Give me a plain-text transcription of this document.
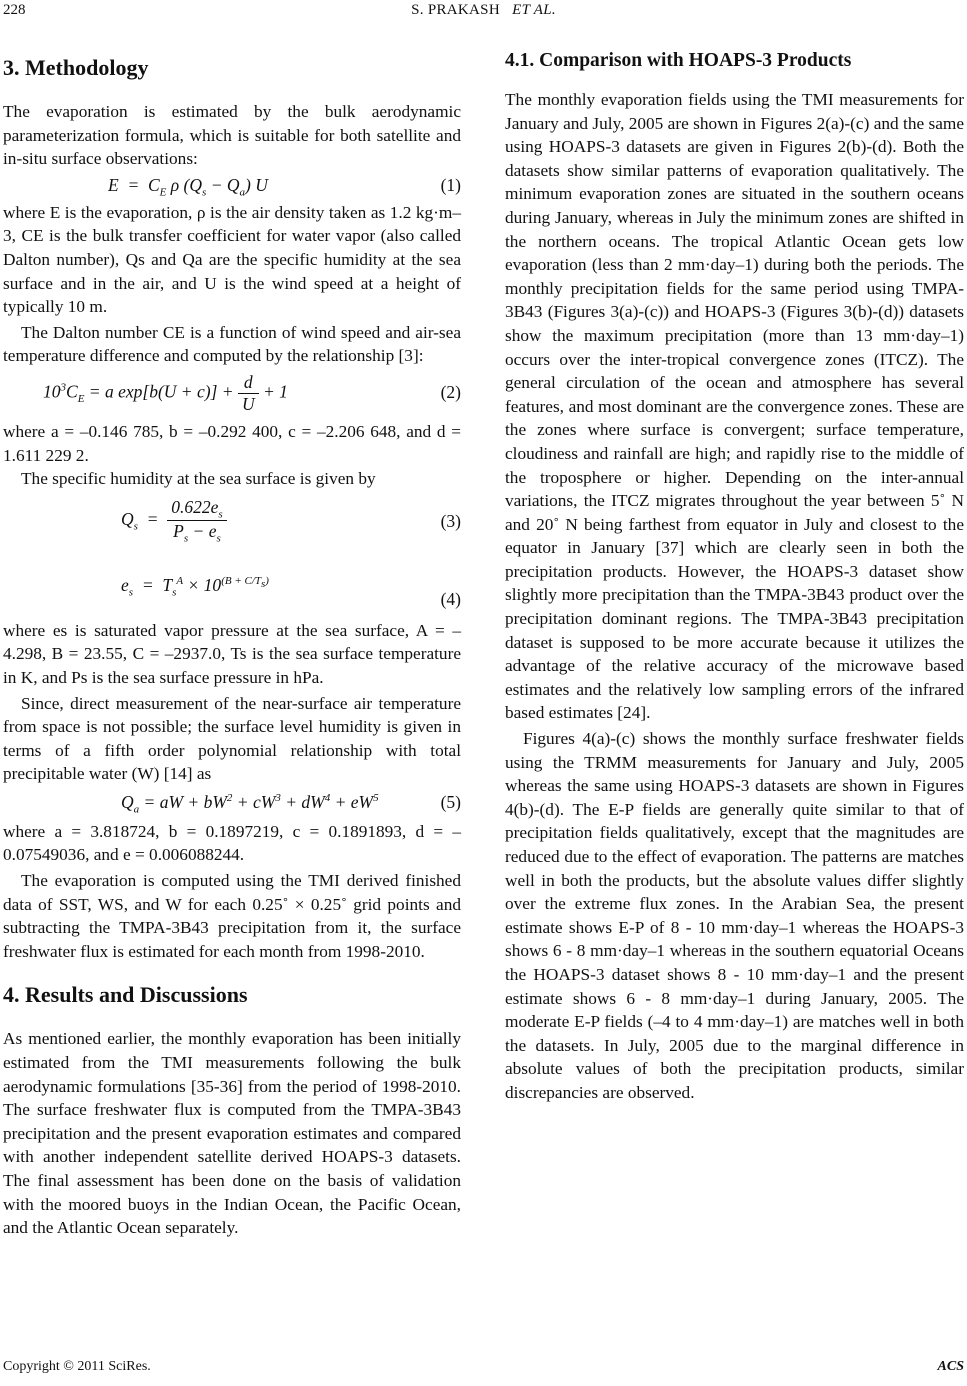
228	S. PRAKASH ET AL.
3. Methodology

The evaporation is estimated by the bulk aerodynamic parameterization formula, which is suitable for both satellite and in-situ surface observations:

$E = C_E$ ρ $(Q_s - Q_a)$ U	(1)

where E is the evaporation, ρ is the air density taken as 1.2 kg·m–3, CE is the bulk transfer coefficient for water vapor (also called Dalton number), Qs and Qa are the specific humidity at the sea surface and in the air, and U is the wind speed at a height of typically 10 m.

The Dalton number CE is a function of wind speed and air-sea temperature difference and computed by the relationship [3]:

$10^3C_E = a$ $\exp[b(U + c)] + \frac{d}{U} + 1$	(2)

where a = –0.146 785, b = –0.292 400, c = –2.206 648, and d = 1.611 229 2.

The specific humidity at the sea surface is given by

$Q_s = \frac{0.622e_s}{P_s - e_s}$	(3)
$e_s = T_s^A \times 10^{(B + C/T_s)}$
(4)

where es is saturated vapor pressure at the sea surface, A = –4.298, B = 23.55, C = –2937.0, Ts is the sea surface temperature in K, and Ps is the sea surface pressure in hPa.

Since, direct measurement of the near-surface air temperature from space is not possible; the surface level humidity is given in terms of a fifth order polynomial relationship with total precipitable water (W) [14] as

$Q_a$ = aW + $bW^2 + cW^3 + dW^4 + eW^5$	(5)

where a = 3.818724, b = 0.1897219, c = 0.1891893, d = –0.07549036, and e = 0.006088244.

The evaporation is computed using the TMI derived finished data of SST, WS, and W for each 0.25˚ × 0.25˚ grid points and subtracting the TMPA-3B43 precipitation from it, the surface freshwater flux is estimated for each month from 1998-2010.

4. Results and Discussions

As mentioned earlier, the monthly evaporation has been initially estimated from the TMI measurements following the bulk aerodynamic formulations [35-36] from the period of 1998-2010. The surface freshwater flux is computed from the TMPA-3B43 precipitation and the present evaporation estimates and compared with another independent satellite derived HOAPS-3 datasets. The final assessment has been done on the basis of validation with the moored buoys in the Indian Ocean, the Pacific Ocean, and the Atlantic Ocean separately.

4.1. Comparison with HOAPS-3 Products

The monthly evaporation fields using the TMI measurements for January and July, 2005 are shown in Figures 2(a)-(c) and the same using HOAPS-3 datasets are given in Figures 2(b)-(d). Both the datasets show similar patterns of evaporation qualitatively. The minimum evaporation zones are situated in the southern oceans during January, whereas in July the minimum zones are shifted in the northern oceans. The tropical Atlantic Ocean gets low evaporation (less than 2 mm·day–1) during both the periods. The monthly precipitation fields for the same period using TMPA-3B43 (Figures 3(a)-(c)) and HOAPS-3 (Figures 3(b)-(d)) datasets show the maximum precipitation (more than 13 mm·day–1) occurs over the inter-tropical convergence zones (ITCZ). The general circulation of the ocean and atmosphere has several features, and most dominant are the convergence zones. These are the zones where surface is convergent; surface temperature, cloudiness and rainfall are high; and rapidly rise to the middle of the troposphere or higher. Depending on the inter-annual variations, the ITCZ migrates throughout the year between 5˚ N and 20˚ N being farthest from equator in July and closest to the equator in January [37] which are clearly seen in both the precipitation products. However, the HOAPS-3 dataset show slightly more precipitation than the TMPA-3B43 product over the precipitation dominant regions. The TMPA-3B43 precipitation dataset is supposed to be more accurate because it utilizes the advantage of the relative accuracy of the microwave based estimates and the relatively low sampling errors of the infrared based estimates [24].

Figures 4(a)-(c) shows the monthly surface freshwater fields using the TRMM measurements for January and July, 2005 whereas the same using HOAPS-3 datasets are shown in Figures 4(b)-(d). The E-P fields are generally quite similar to that of precipitation fields qualitatively, except that the magnitudes are reduced due to the effect of evaporation. The patterns are matches well in both the products, but the absolute values differ slightly over the extreme flux zones. In the Arabian Sea, the present estimate shows E-P of 8 - 10 mm·day–1 whereas the HOAPS-3 shows 6 - 8 mm·day–1 whereas in the southern equatorial Oceans the HOAPS-3 dataset shows 8 - 10 mm·day–1 and the present estimate shows 6 - 8 mm·day–1 during January, 2005. The moderate E-P fields (–4 to 4 mm·day–1) are matches well in both the datasets. In July, 2005 due to the marginal difference in absolute values of both the precipitation products, similar discrepancies are observed.

Copyright © 2011 SciRes.	ACS
